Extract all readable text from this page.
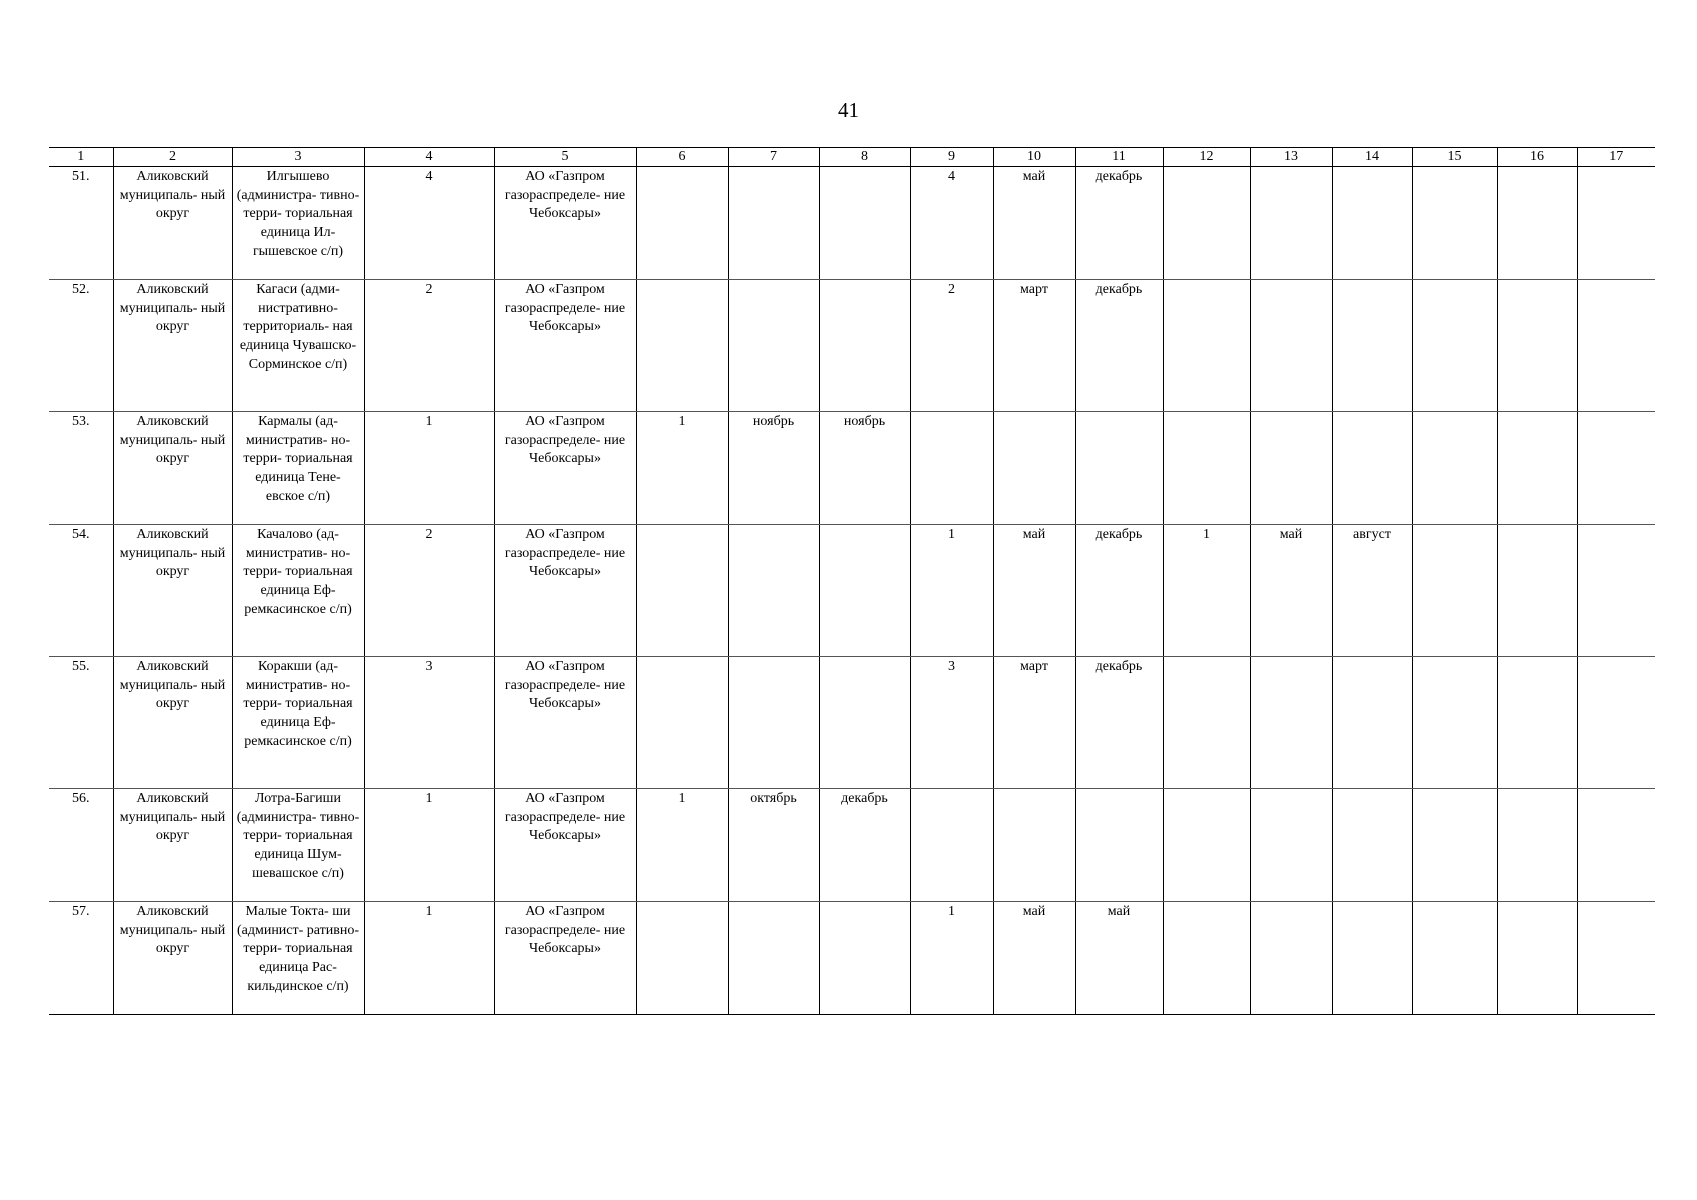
41
1	2	3	4	5	6	7	8	9	10	11	12	13	14	15	16	17
51.	Аликовский муниципаль- ный округ	Илгышево (администра- тивно-терри- ториальная единица Ил- гышевское с/п)	4	АО «Газпром газораспределе- ние Чебоксары»				4	май	декабрь						
52.	Аликовский муниципаль- ный округ	Кагаси (адми- нистративно- территориаль- ная единица Чувашско- Сорминское с/п)	2	АО «Газпром газораспределе- ние Чебоксары»				2	март	декабрь						
53.	Аликовский муниципаль- ный округ	Кармалы (ад- министратив- но-терри- ториальная единица Тене- евское с/п)	1	АО «Газпром газораспределе- ние Чебоксары»	1	ноябрь	ноябрь									
54.	Аликовский муниципаль- ный округ	Качалово (ад- министратив- но-терри- ториальная единица Еф- ремкасинское с/п)	2	АО «Газпром газораспределе- ние Чебоксары»				1	май	декабрь	1	май	август			
55.	Аликовский муниципаль- ный округ	Коракши (ад- министратив- но-терри- ториальная единица Еф- ремкасинское с/п)	3	АО «Газпром газораспределе- ние Чебоксары»				3	март	декабрь						
56.	Аликовский муниципаль- ный округ	Лотра-Багиши (администра- тивно-терри- ториальная единица Шум- шевашское с/п)	1	АО «Газпром газораспределе- ние Чебоксары»	1	октябрь	декабрь									
57.	Аликовский муниципаль- ный округ	Малые Токта- ши (админист- ративно-терри- ториальная единица Рас- кильдинское с/п)	1	АО «Газпром газораспределе- ние Чебоксары»				1	май	май						
